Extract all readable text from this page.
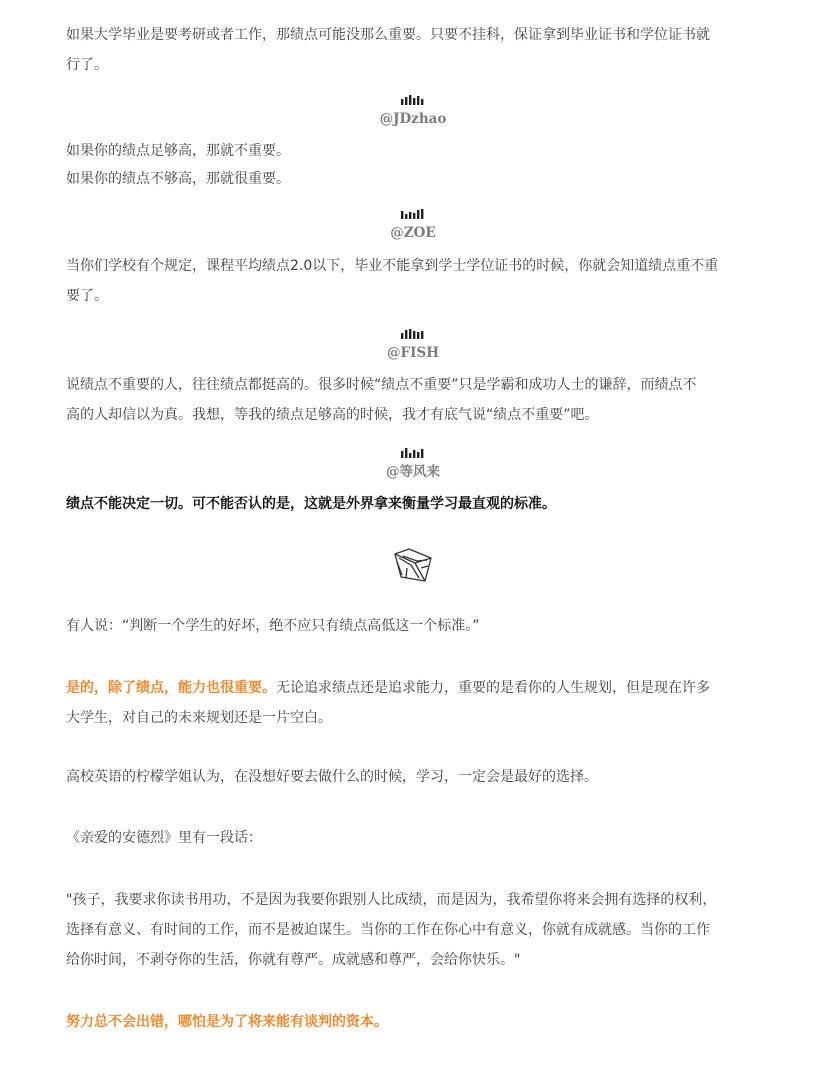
如果大学毕业是要考研或者工作，那绩点可能没那么重要。只要不挂科，保证拿到毕业证书和学位证书就
行了。

@JDzhao

如果你的绩点足够高，那就不重要。
如果你的绩点不够高，那就很重要。

@ZOE

当你们学校有个规定，课程平均绩点2.0以下，毕业不能拿到学士学位证书的时候，你就会知道绩点重不重
要了。

@FISH

说绩点不重要的人，往往绩点都挺高的。很多时候“绩点不重要”只是学霸和成功人士的谦辞，而绩点不
高的人却信以为真。我想，等我的绩点足够高的时候，我才有底气说“绩点不重要”吧。

@等风来

绩点不能决定一切。可不能否认的是，这就是外界拿来衡量学习最直观的标准。

有人说：“判断一个学生的好坏，绝不应只有绩点高低这一个标准。”

是的，除了绩点，能力也很重要。无论追求绩点还是追求能力，重要的是看你的人生规划，但是现在许多
大学生，对自己的未来规划还是一片空白。

高校英语的柠檬学姐认为，在没想好要去做什么的时候，学习，一定会是最好的选择。

《亲爱的安德烈》里有一段话：

"孩子，我要求你读书用功，不是因为我要你跟别人比成绩，而是因为，我希望你将来会拥有选择的权利，
选择有意义、有时间的工作，而不是被迫谋生。当你的工作在你心中有意义，你就有成就感。当你的工作
给你时间，不剥夺你的生活，你就有尊严。成就感和尊严，会给你快乐。"

努力总不会出错，哪怕是为了将来能有谈判的资本。
